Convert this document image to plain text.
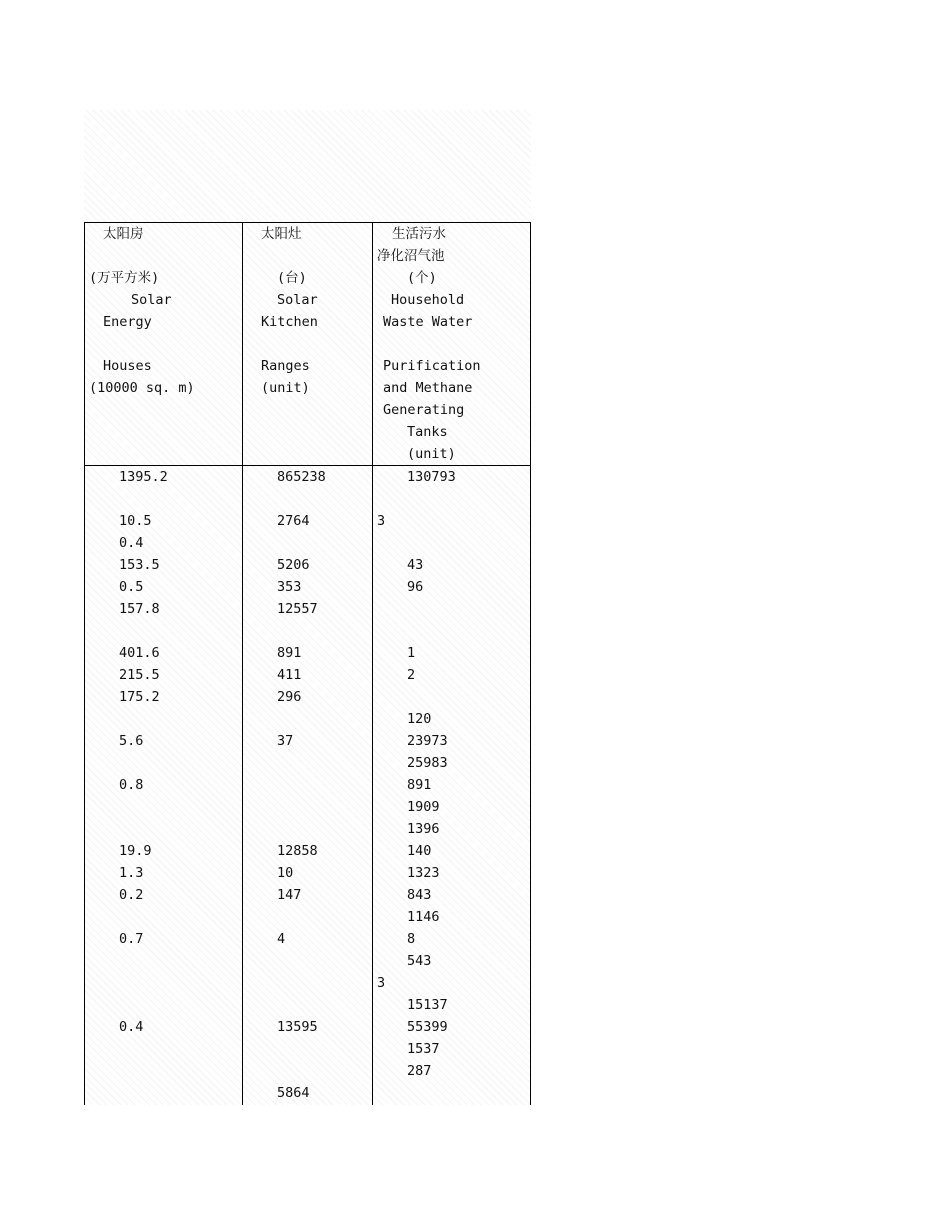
太阳房
(万平方米)
Solar
Energy
Houses
(10000 sq. m)
太阳灶
(台)
Solar
Kitchen
Ranges
(unit)
生活污水
净化沼气池
(个)
Household
Waste Water
Purification
and Methane
Generating
Tanks
(unit)
1395.2
10.5
0.4
153.5
0.5
157.8
401.6
215.5
175.2
5.6
0.8
19.9
1.3
0.2
0.7
0.4
865238
2764
5206
353
12557
891
411
296
37
12858
10
147
4
13595
5864
130793
3
43
96
1
2
120
23973
25983
891
1909
1396
140
1323
843
1146
8
543
3
15137
55399
1537
287
